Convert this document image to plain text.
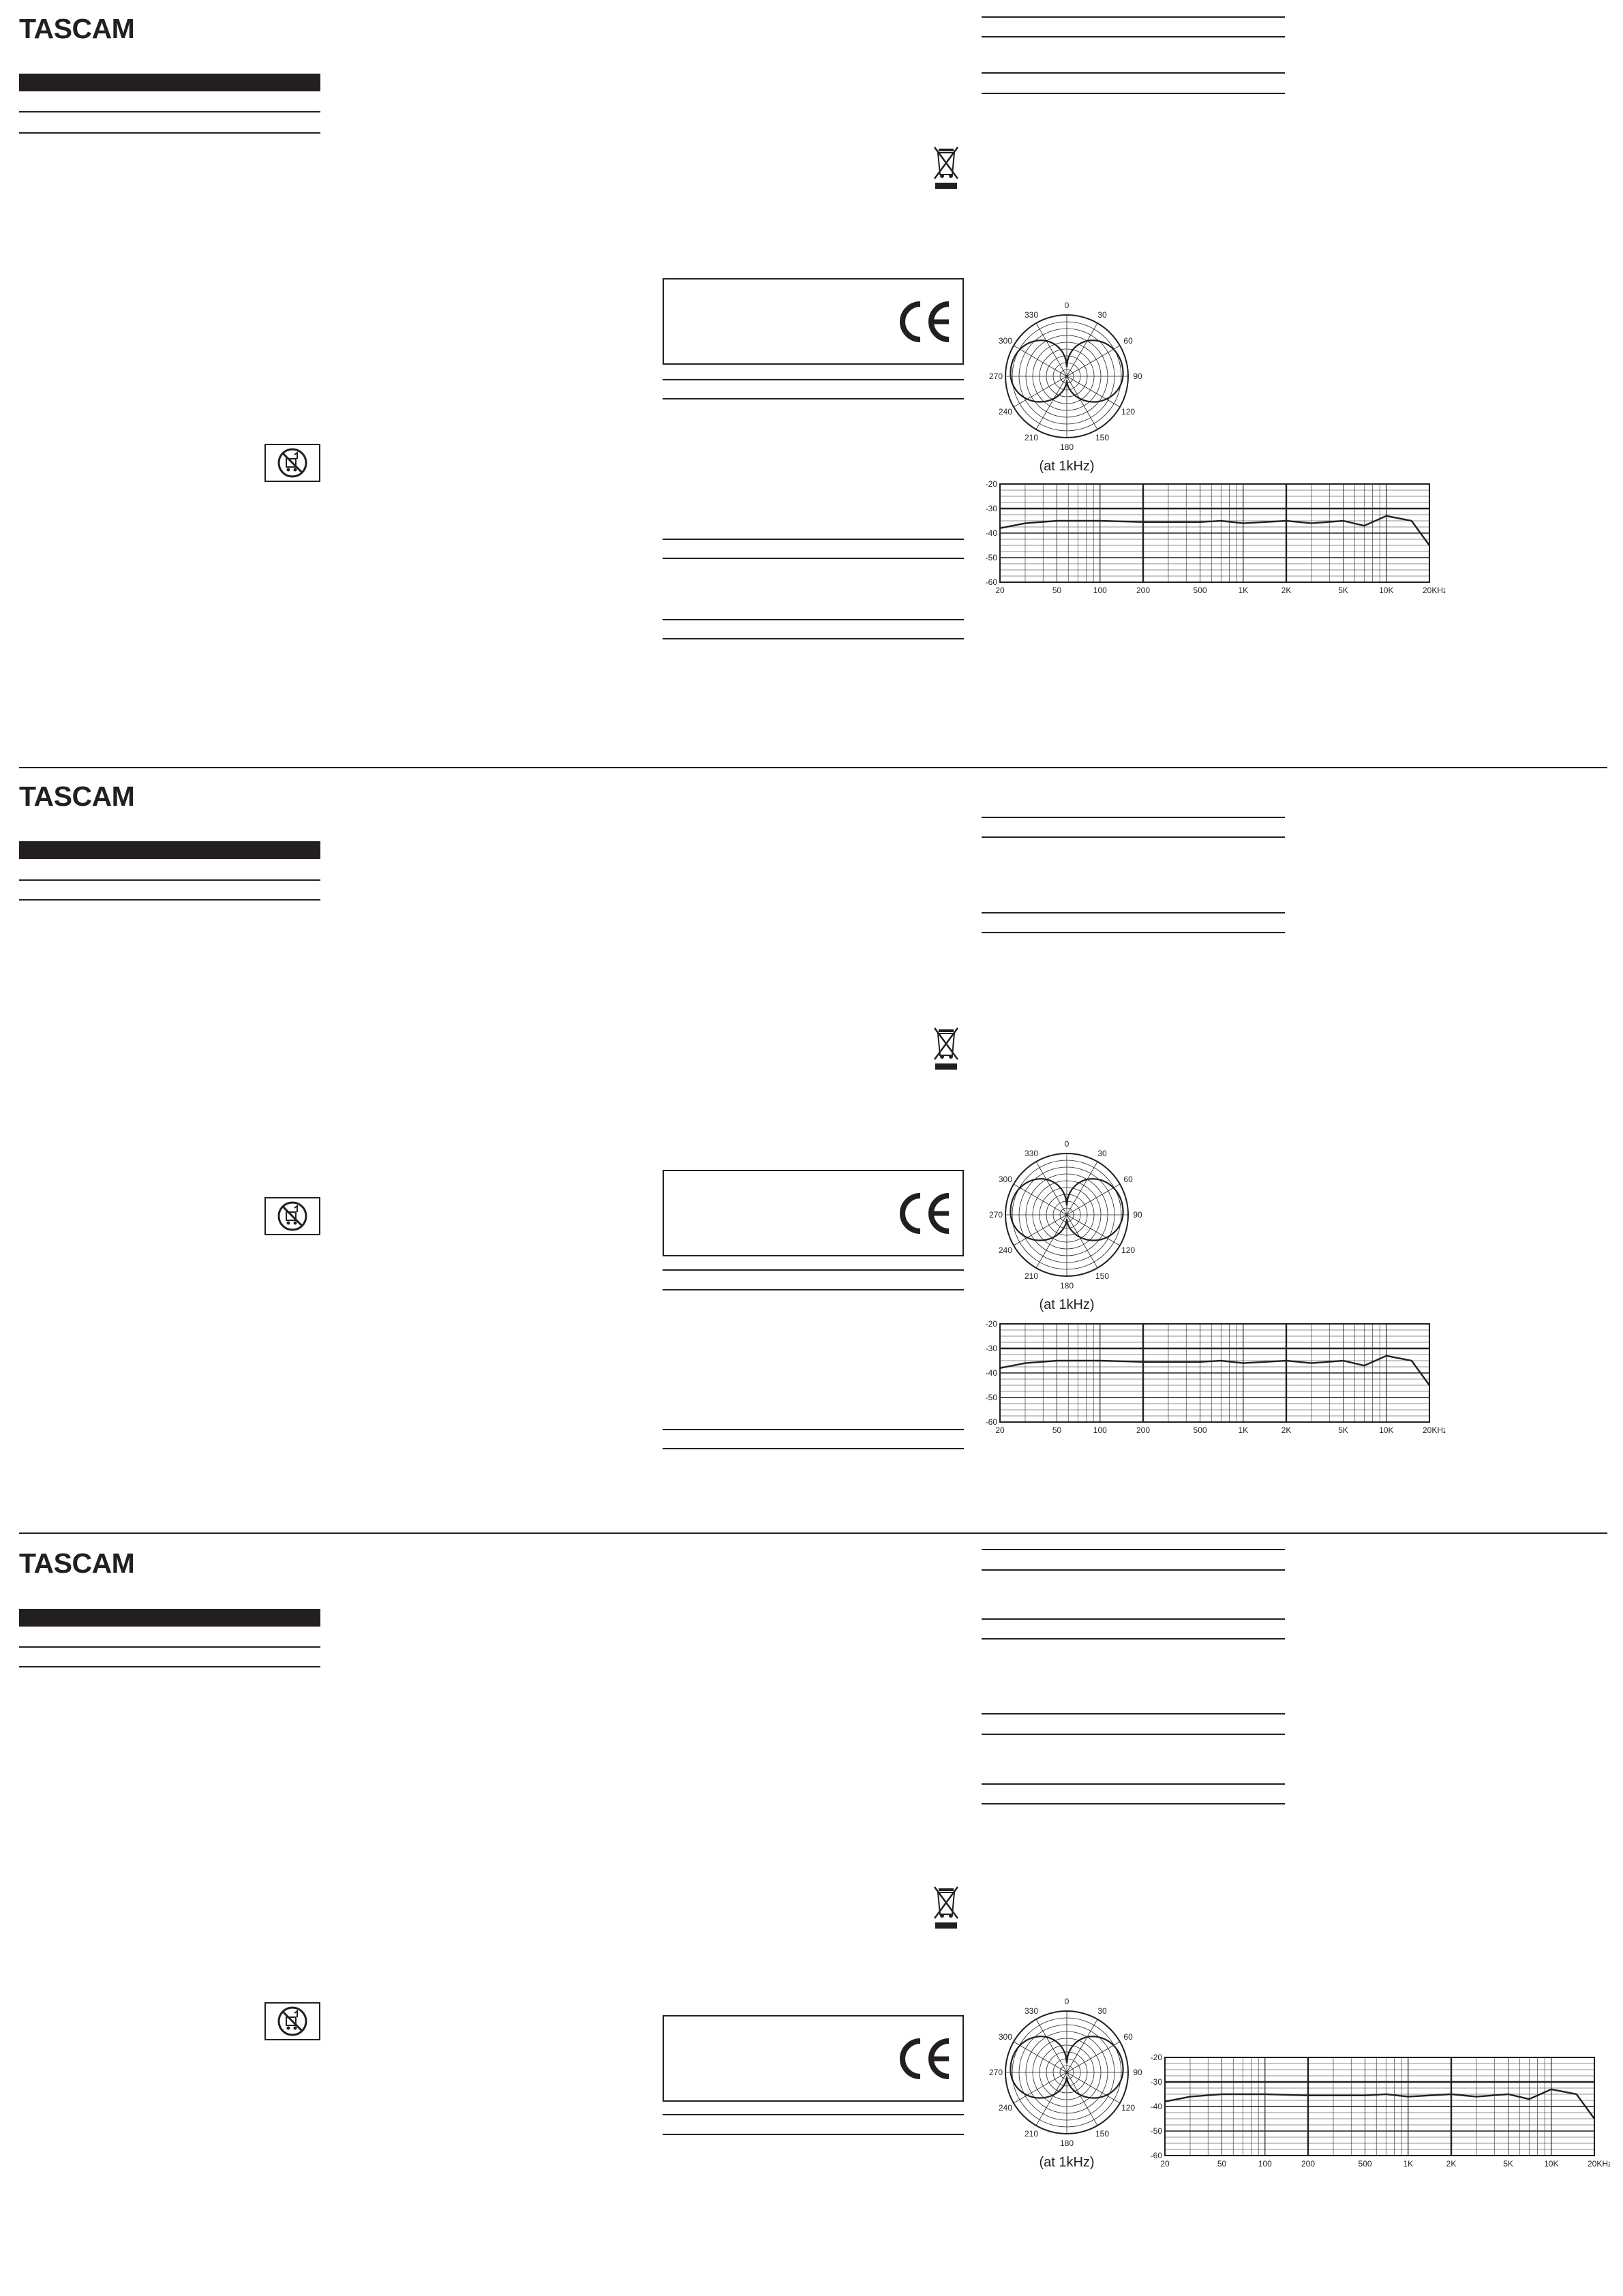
TASCAM
0
30
60
90
120
150
180
210
240
270
300
330
(at 1kHz)
-20
-30
-40
-50
-60
20	50	100	200	500	1K	2K	5K	10K	20KHz
TASCAM
0
30
60
90
120
150
180
210
240
270
300
330
(at 1kHz)
-20
-30
-40
-50
-60
20	50	100	200	500	1K	2K	5K	10K	20KHz
TASCAM
0
30
60
90
120
150
180
210
240
270
300
330
(at 1kHz)
-20
-30
-40
-50
-60
20	50	100	200	500	1K	2K	5K	10K	20KHz
